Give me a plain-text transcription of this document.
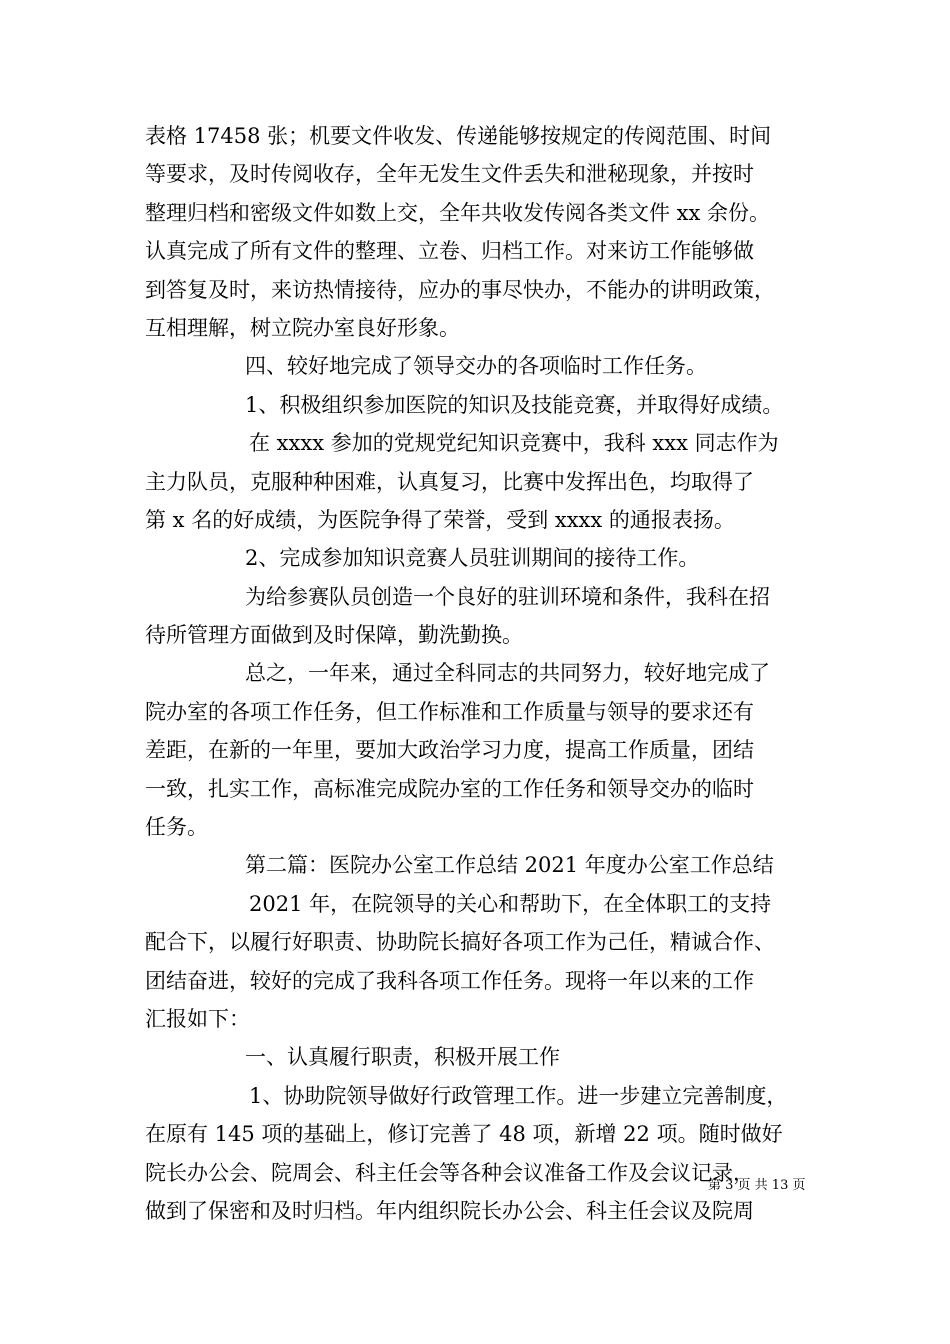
表格 17458 张；机要文件收发、传递能够按规定的传阅范围、时间
等要求，及时传阅收存，全年无发生文件丢失和泄秘现象，并按时
整理归档和密级文件如数上交，全年共收发传阅各类文件 xx 余份。
认真完成了所有文件的整理、立卷、归档工作。对来访工作能够做
到答复及时，来访热情接待，应办的事尽快办，不能办的讲明政策，
互相理解，树立院办室良好形象。
四、较好地完成了领导交办的各项临时工作任务。
1、积极组织参加医院的知识及技能竞赛，并取得好成绩。
在 xxxx 参加的党规党纪知识竞赛中，我科 xxx 同志作为
主力队员，克服种种困难，认真复习，比赛中发挥出色，均取得了
第 x 名的好成绩，为医院争得了荣誉，受到 xxxx 的通报表扬。
2、完成参加知识竞赛人员驻训期间的接待工作。
为给参赛队员创造一个良好的驻训环境和条件，我科在招
待所管理方面做到及时保障，勤洗勤换。
总之，一年来，通过全科同志的共同努力，较好地完成了
院办室的各项工作任务，但工作标准和工作质量与领导的要求还有
差距，在新的一年里，要加大政治学习力度，提高工作质量，团结
一致，扎实工作，高标准完成院办室的工作任务和领导交办的临时
任务。
第二篇：医院办公室工作总结 2021 年度办公室工作总结
2021 年，在院领导的关心和帮助下，在全体职工的支持
配合下，以履行好职责、协助院长搞好各项工作为己任，精诚合作、
团结奋进，较好的完成了我科各项工作任务。现将一年以来的工作
汇报如下：
一、认真履行职责，积极开展工作
1、协助院领导做好行政管理工作。进一步建立完善制度，
在原有 145 项的基础上，修订完善了 48 项，新增 22 项。随时做好
院长办公会、院周会、科主任会等各种会议准备工作及会议记录，
做到了保密和及时归档。年内组织院长办公会、科主任会议及院周
第 3 页 共 13 页
